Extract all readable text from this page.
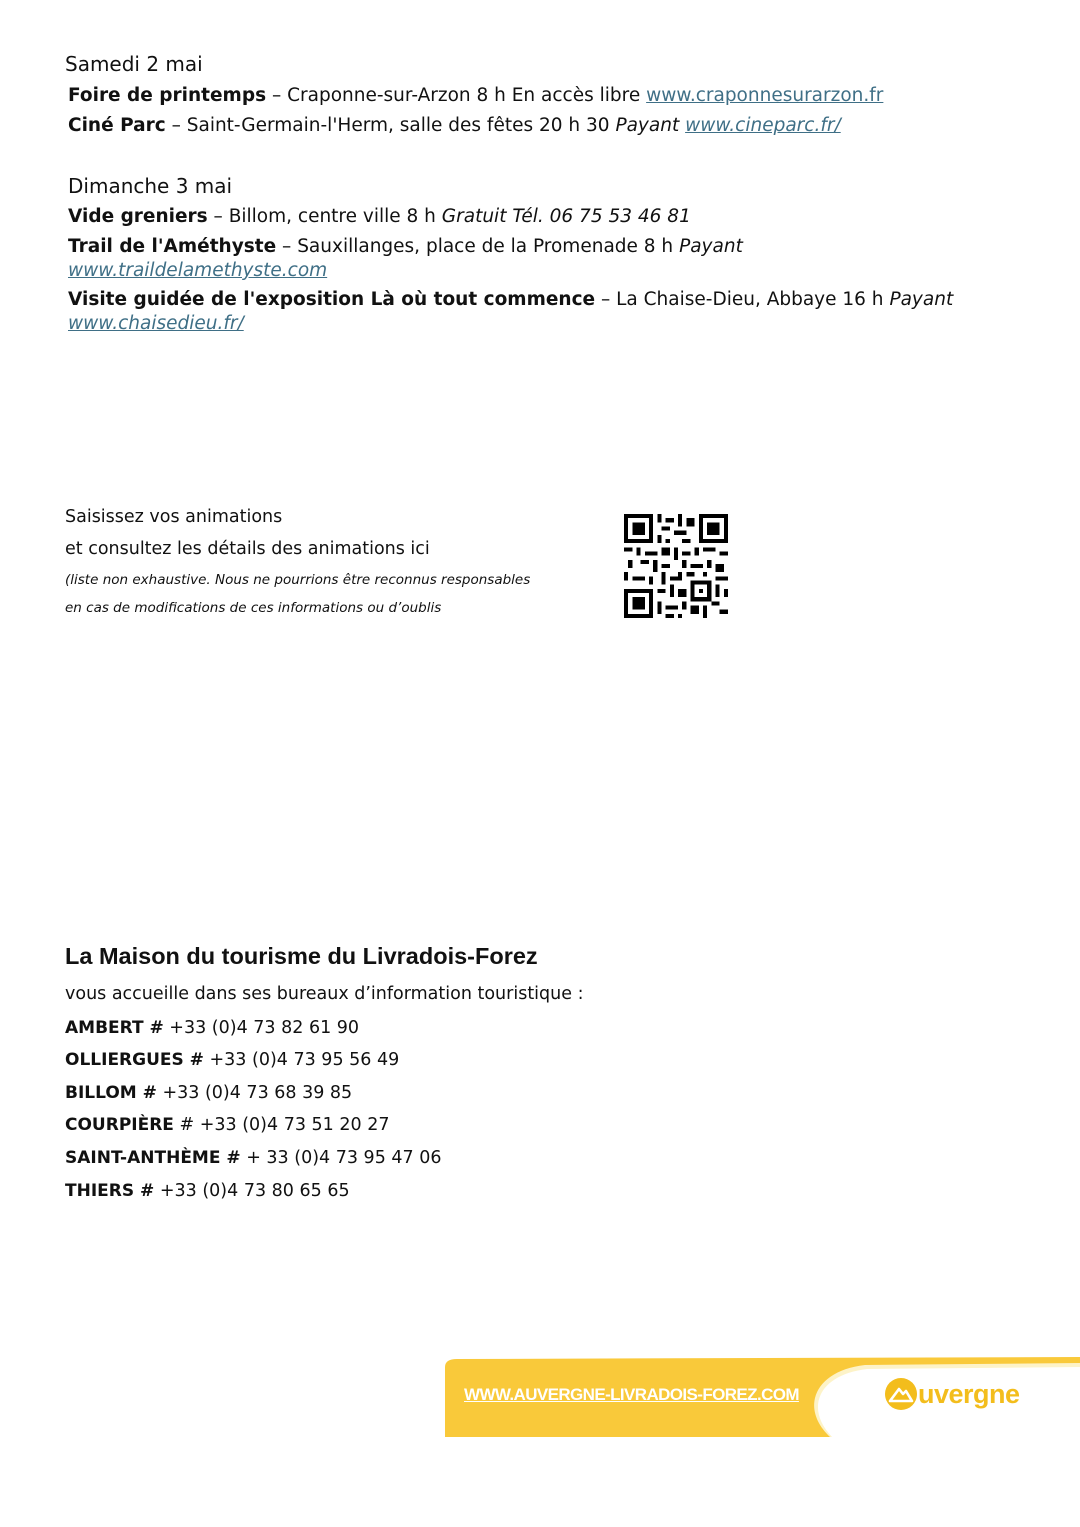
Samedi 2 mai
Foire de printemps – Craponne-sur-Arzon 8 h En accès libre www.craponnesurarzon.fr
Ciné Parc – Saint-Germain-l'Herm, salle des fêtes 20 h 30 Payant www.cineparc.fr/
Dimanche 3 mai
Vide greniers – Billom, centre ville 8 h Gratuit Tél. 06 75 53 46 81
Trail de l'Améthyste – Sauxillanges, place de la Promenade 8 h Payant
www.traildelamethyste.com
Visite guidée de l'exposition Là où tout commence – La Chaise-Dieu, Abbaye 16 h Payant
www.chaisedieu.fr/
Saisissez vos animations
et consultez les détails des animations ici
(liste non exhaustive. Nous ne pourrions être reconnus responsables
en cas de modifications de ces informations ou d’oublis
La Maison du tourisme du Livradois-Forez
vous accueille dans ses bureaux d’information touristique :
AMBERT # +33 (0)4 73 82 61 90
OLLIERGUES # +33 (0)4 73 95 56 49
BILLOM # +33 (0)4 73 68 39 85
COURPIÈRE # +33 (0)4 73 51 20 27
SAINT-ANTHÈME # + 33 (0)4 73 95 47 06
THIERS # +33 (0)4 73 80 65 65
WWW.AUVERGNE-LIVRADOIS-FOREZ.COM	uvergne
